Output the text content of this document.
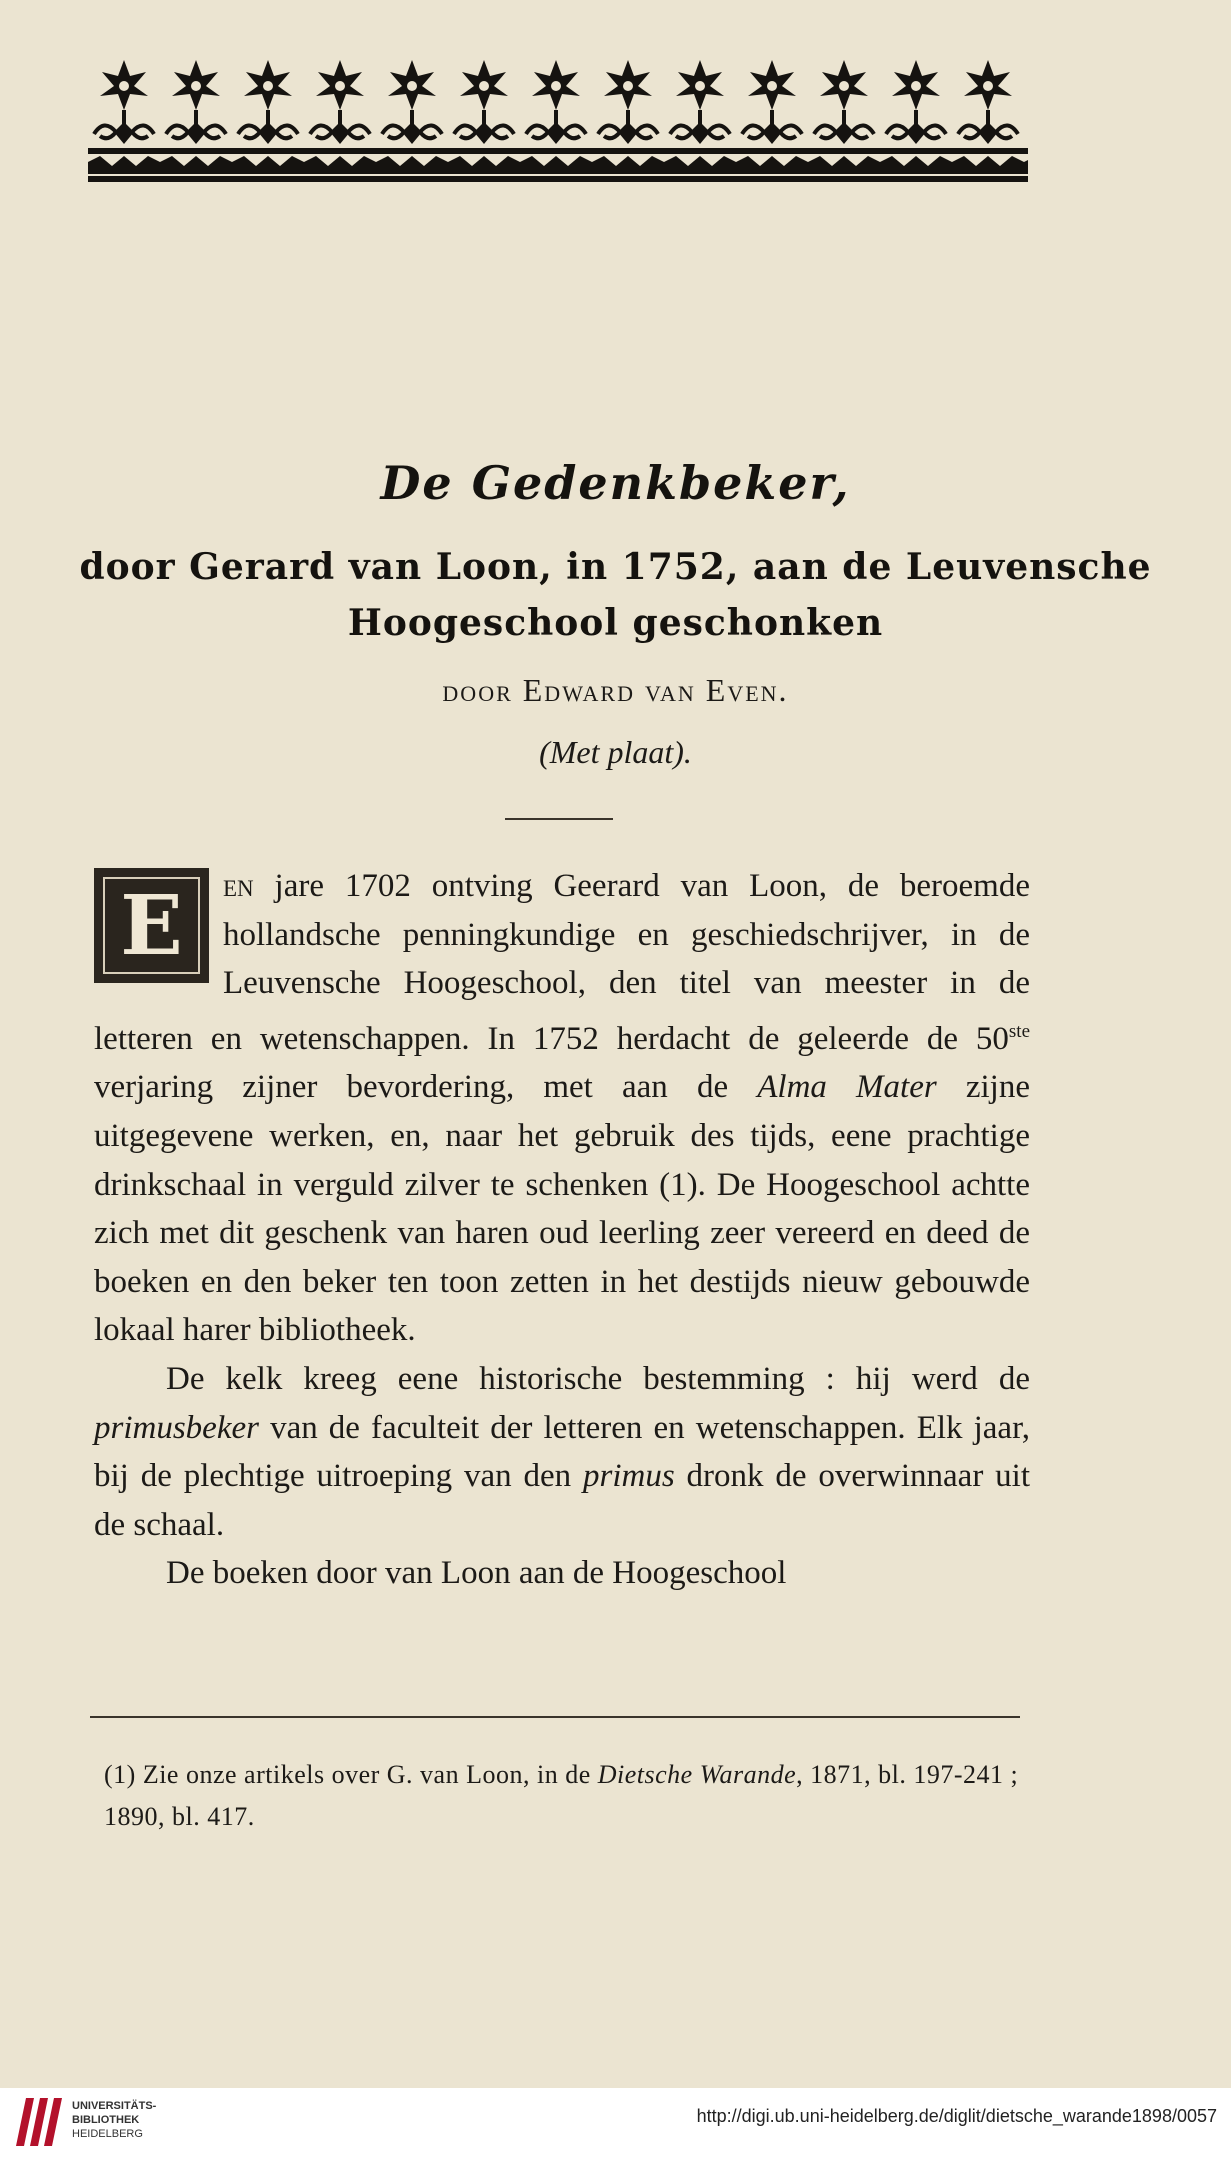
De Gedenkbeker,
door Gerard van Loon, in 1752, aan de Leuvensche
Hoogeschool geschonken
door Edward van Even.
(Met plaat).

E en jare 1702 ontving Geerard van Loon, de beroemde hollandsche penningkundige en geschiedschrijver, in de Leuvensche Hoogeschool, den titel van meester in de letteren en wetenschappen. In 1752 herdacht de geleerde de 50ste verjaring zijner bevordering, met aan de Alma Mater zijne uitgegevene werken, en, naar het gebruik des tijds, eene prachtige drinkschaal in verguld zilver te schenken (1). De Hoogeschool achtte zich met dit geschenk van haren oud leerling zeer vereerd en deed de boeken en den beker ten toon zetten in het destijds nieuw gebouwde lokaal harer bibliotheek.

De kelk kreeg eene historische bestemming : hij werd de primusbeker van de faculteit der letteren en wetenschappen. Elk jaar, bij de plechtige uitroeping van den primus dronk de overwinnaar uit de schaal.

De boeken door van Loon aan de Hoogeschool

(1) Zie onze artikels over G. van Loon, in de Dietsche Warande, 1871, bl. 197-241 ; 1890, bl. 417.
UNIVERSITÄTS-
BIBLIOTHEK
HEIDELBERG
http://digi.ub.uni-heidelberg.de/diglit/dietsche_warande1898/0057
